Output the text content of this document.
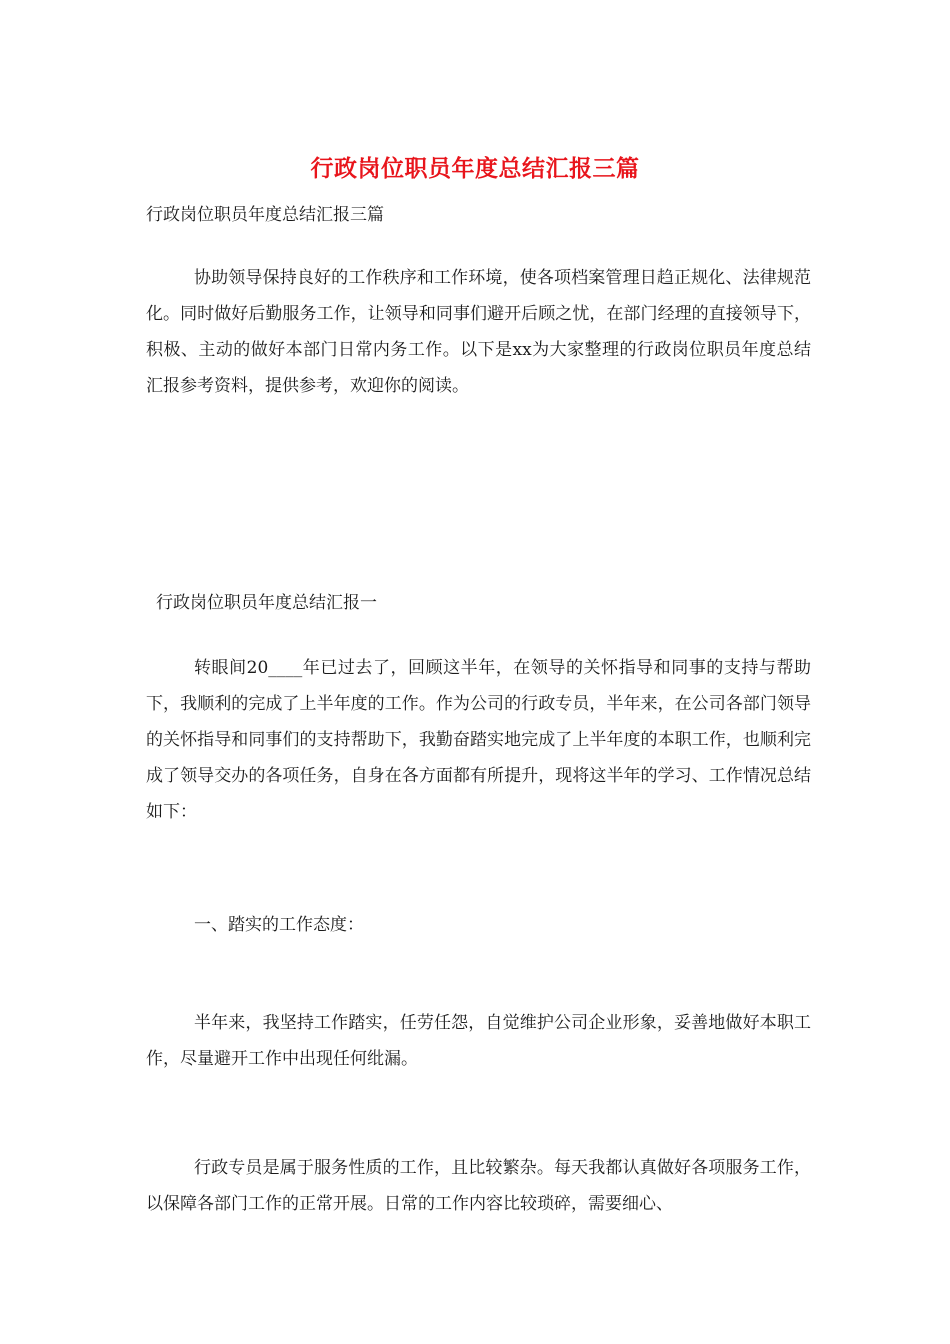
行政岗位职员年度总结汇报三篇
行政岗位职员年度总结汇报三篇

协助领导保持良好的工作秩序和工作环境，使各项档案管理日趋正规化、法律规范化。同时做好后勤服务工作，让领导和同事们避开后顾之忧，在部门经理的直接领导下，积极、主动的做好本部门日常内务工作。以下是xx为大家整理的行政岗位职员年度总结汇报参考资料，提供参考，欢迎你的阅读。

行政岗位职员年度总结汇报一

转眼间20____年已过去了，回顾这半年，在领导的关怀指导和同事的支持与帮助下，我顺利的完成了上半年度的工作。作为公司的行政专员，半年来，在公司各部门领导的关怀指导和同事们的支持帮助下，我勤奋踏实地完成了上半年度的本职工作，也顺利完成了领导交办的各项任务，自身在各方面都有所提升，现将这半年的学习、工作情况总结如下：

一、踏实的工作态度：

半年来，我坚持工作踏实，任劳任怨，自觉维护公司企业形象，妥善地做好本职工作，尽量避开工作中出现任何纰漏。

行政专员是属于服务性质的工作，且比较繁杂。每天我都认真做好各项服务工作，以保障各部门工作的正常开展。日常的工作内容比较琐碎，需要细心、
